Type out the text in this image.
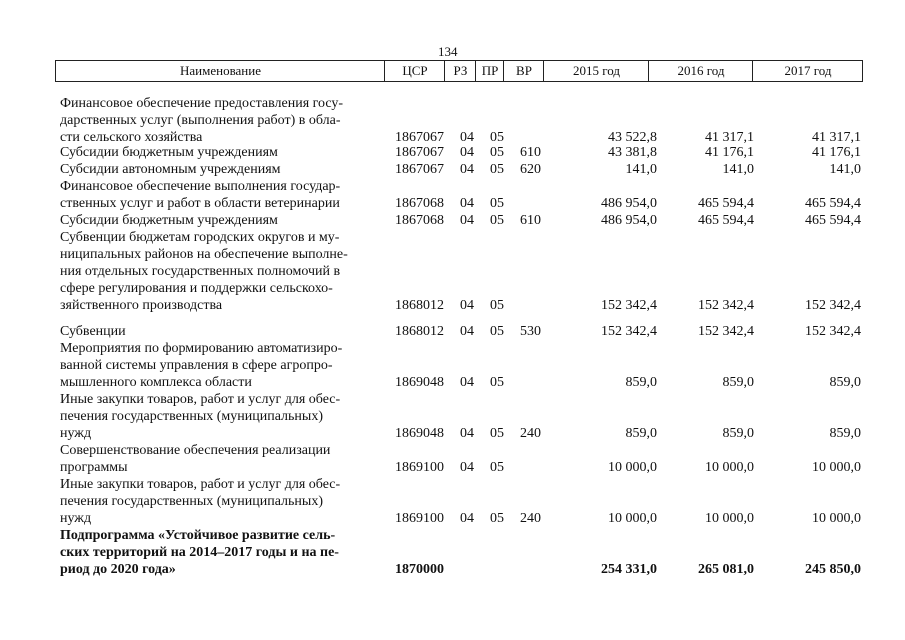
134
Наименование	ЦСР	РЗ	ПР	ВР	2015 год	2016 год	2017 год
Финансовое обеспечение предоставления госу-
дарственных услуг (выполнения работ) в обла-
сти сельского хозяйства	1867067 04 05	43 522,8	41 317,1	41 317,1
Субсидии бюджетным учреждениям	1867067 04 05 610	43 381,8	41 176,1	41 176,1
Субсидии автономным учреждениям	1867067 04 05 620	141,0	141,0	141,0
Финансовое обеспечение выполнения государ-
ственных услуг и работ в области ветеринарии	1867068 04 05	486 954,0	465 594,4	465 594,4
Субсидии бюджетным учреждениям	1867068 04 05 610	486 954,0	465 594,4	465 594,4
Субвенции бюджетам городских округов и му-
ниципальных районов на обеспечение выполне-
ния отдельных государственных полномочий в
сфере регулирования и поддержки сельскохо-
зяйственного производства	1868012 04 05	152 342,4	152 342,4	152 342,4
Субвенции	1868012 04 05 530	152 342,4	152 342,4	152 342,4
Мероприятия по формированию автоматизиро-
ванной системы управления в сфере агропро-
мышленного комплекса области	1869048 04 05	859,0	859,0	859,0
Иные закупки товаров, работ и услуг для обес-
печения государственных (муниципальных)
нужд	1869048 04 05 240	859,0	859,0	859,0
Совершенствование обеспечения реализации
программы	1869100 04 05	10 000,0	10 000,0	10 000,0
Иные закупки товаров, работ и услуг для обес-
печения государственных (муниципальных)
нужд	1869100 04 05 240	10 000,0	10 000,0	10 000,0
Подпрограмма «Устойчивое развитие сель-
ских территорий на 2014–2017 годы и на пе-
риод до 2020 года»	1870000	254 331,0	265 081,0	245 850,0
